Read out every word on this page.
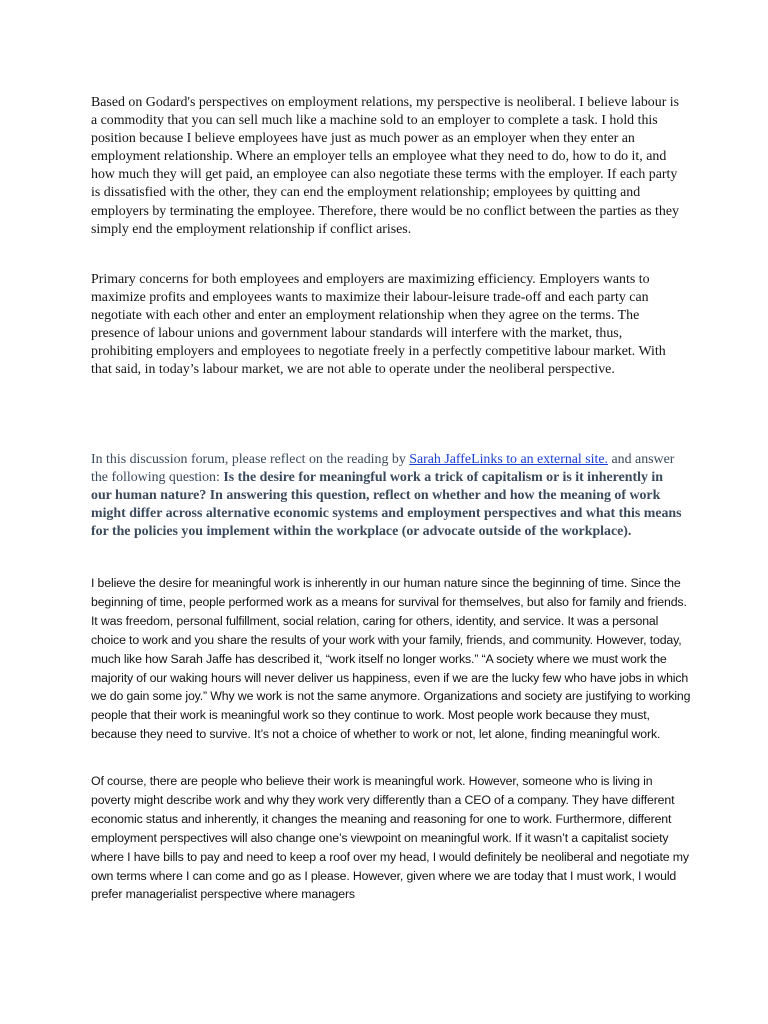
Based on Godard's perspectives on employment relations, my perspective is neoliberal. I believe labour is a commodity that you can sell much like a machine sold to an employer to complete a task. I hold this position because I believe employees have just as much power as an employer when they enter an employment relationship. Where an employer tells an employee what they need to do, how to do it, and how much they will get paid, an employee can also negotiate these terms with the employer. If each party is dissatisfied with the other, they can end the employment relationship; employees by quitting and employers by terminating the employee. Therefore, there would be no conflict between the parties as they simply end the employment relationship if conflict arises.

Primary concerns for both employees and employers are maximizing efficiency. Employers wants to maximize profits and employees wants to maximize their labour-leisure trade-off and each party can negotiate with each other and enter an employment relationship when they agree on the terms. The presence of labour unions and government labour standards will interfere with the market, thus, prohibiting employers and employees to negotiate freely in a perfectly competitive labour market. With that said, in today’s labour market, we are not able to operate under the neoliberal perspective.

In this discussion forum, please reflect on the reading by Sarah JaffeLinks to an external site. and answer the following question: Is the desire for meaningful work a trick of capitalism or is it inherently in our human nature? In answering this question, reflect on whether and how the meaning of work might differ across alternative economic systems and employment perspectives and what this means for the policies you implement within the workplace (or advocate outside of the workplace).

I believe the desire for meaningful work is inherently in our human nature since the beginning of time. Since the beginning of time, people performed work as a means for survival for themselves, but also for family and friends. It was freedom, personal fulfillment, social relation, caring for others, identity, and service. It was a personal choice to work and you share the results of your work with your family, friends, and community. However, today, much like how Sarah Jaffe has described it, “work itself no longer works.” “A society where we must work the majority of our waking hours will never deliver us happiness, even if we are the lucky few who have jobs in which we do gain some joy.” Why we work is not the same anymore. Organizations and society are justifying to working people that their work is meaningful work so they continue to work. Most people work because they must, because they need to survive. It’s not a choice of whether to work or not, let alone, finding meaningful work.

Of course, there are people who believe their work is meaningful work. However, someone who is living in poverty might describe work and why they work very differently than a CEO of a company. They have different economic status and inherently, it changes the meaning and reasoning for one to work. Furthermore, different employment perspectives will also change one’s viewpoint on meaningful work. If it wasn’t a capitalist society where I have bills to pay and need to keep a roof over my head, I would definitely be neoliberal and negotiate my own terms where I can come and go as I please. However, given where we are today that I must work, I would prefer managerialist perspective where managers
